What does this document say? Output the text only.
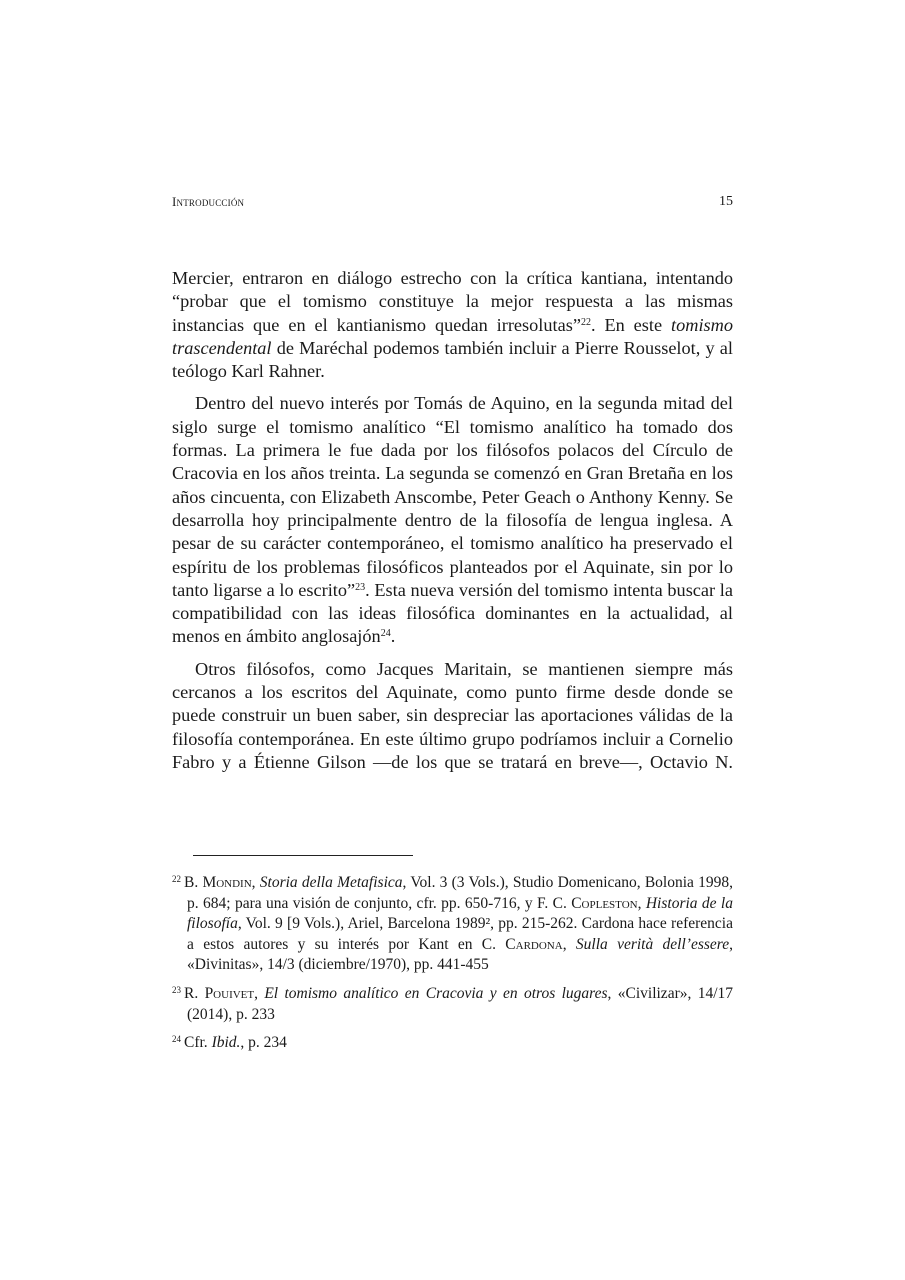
Introducción	15

Mercier, entraron en diálogo estrecho con la crítica kantiana, intentando “probar que el tomismo constituye la mejor respuesta a las mismas instancias que en el kantianismo quedan irresolutas”$^{22}$. En este tomismo trascendental de Maréchal podemos también incluir a Pierre Rousselot, y al teólogo Karl Rahner.

Dentro del nuevo interés por Tomás de Aquino, en la segunda mitad del siglo surge el tomismo analítico “El tomismo analítico ha tomado dos formas. La primera le fue dada por los filósofos polacos del Círculo de Cracovia en los años treinta. La segunda se comenzó en Gran Bretaña en los años cincuenta, con Elizabeth Anscombe, Peter Geach o Anthony Kenny. Se desarrolla hoy principalmente dentro de la filosofía de lengua inglesa. A pesar de su carácter contemporáneo, el tomismo analítico ha preservado el espíritu de los problemas filosóficos planteados por el Aquinate, sin por lo tanto ligarse a lo escrito”$^{23}$. Esta nueva versión del tomismo intenta buscar la compatibilidad con las ideas filosófica dominantes en la actualidad, al menos en ámbito anglosajón$^{24}$.

Otros filósofos, como Jacques Maritain, se mantienen siempre más cercanos a los escritos del Aquinate, como punto firme desde donde se puede construir un buen saber, sin despreciar las aportaciones válidas de la filosofía contemporánea. En este último grupo podríamos incluir a Cornelio Fabro y a Étienne Gilson —de los que se tratará en breve—, Octavio N.

$^{22}$ B. Mondin, Storia della Metafisica, Vol. 3 (3 Vols.), Studio Domenicano, Bolonia 1998, p. 684; para una visión de conjunto, cfr. pp. 650-716, y F. C. Copleston, Historia de la filosofía, Vol. 9 [9 Vols.), Ariel, Barcelona 1989², pp. 215-262. Cardona hace referencia a estos autores y su interés por Kant en C. Cardona, Sulla verità dell’essere, «Divinitas», 14/3 (diciembre/1970), pp. 441-455

$^{23}$ R. Pouivet, El tomismo analítico en Cracovia y en otros lugares, «Civilizar», 14/17 (2014), p. 233

$^{24}$ Cfr. Ibid., p. 234
